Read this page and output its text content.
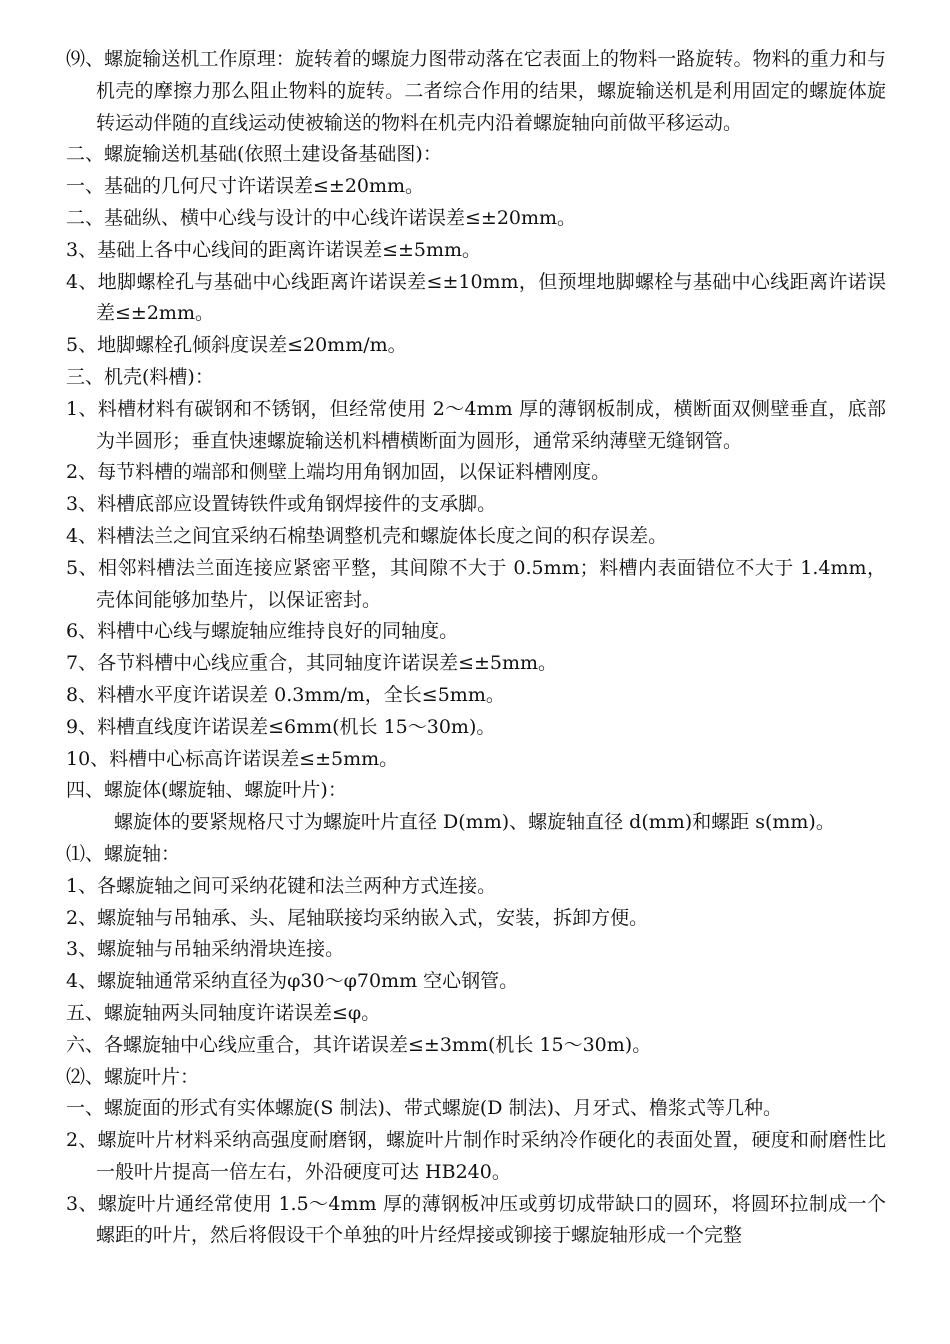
⑼、螺旋输送机工作原理：旋转着的螺旋力图带动落在它表面上的物料一路旋转。物料的重力和与机壳的摩擦力那么阻止物料的旋转。二者综合作用的结果，螺旋输送机是利用固定的螺旋体旋转运动伴随的直线运动使被输送的物料在机壳内沿着螺旋轴向前做平移运动。

二、螺旋输送机基础(依照土建设备基础图)：

一、基础的几何尺寸许诺误差≤±20mm。

二、基础纵、横中心线与设计的中心线许诺误差≤±20mm。

3、基础上各中心线间的距离许诺误差≤±5mm。

4、地脚螺栓孔与基础中心线距离许诺误差≤±10mm，但预埋地脚螺栓与基础中心线距离许诺误差≤±2mm。

5、地脚螺栓孔倾斜度误差≤20mm/m。

三、机壳(料槽)：

1、料槽材料有碳钢和不锈钢，但经常使用 2～4mm 厚的薄钢板制成，横断面双侧壁垂直，底部为半圆形；垂直快速螺旋输送机料槽横断面为圆形，通常采纳薄壁无缝钢管。

2、每节料槽的端部和侧壁上端均用角钢加固，以保证料槽刚度。

3、料槽底部应设置铸铁件或角钢焊接件的支承脚。

4、料槽法兰之间宜采纳石棉垫调整机壳和螺旋体长度之间的积存误差。

5、相邻料槽法兰面连接应紧密平整，其间隙不大于 0.5mm；料槽内表面错位不大于 1.4mm，壳体间能够加垫片，以保证密封。

6、料槽中心线与螺旋轴应维持良好的同轴度。

7、各节料槽中心线应重合，其同轴度许诺误差≤±5mm。

8、料槽水平度许诺误差 0.3mm/m，全长≤5mm。

9、料槽直线度许诺误差≤6mm(机长 15～30m)。

10、料槽中心标高许诺误差≤±5mm。

四、螺旋体(螺旋轴、螺旋叶片)：

螺旋体的要紧规格尺寸为螺旋叶片直径 D(mm)、螺旋轴直径 d(mm)和螺距 s(mm)。

⑴、螺旋轴：

1、各螺旋轴之间可采纳花键和法兰两种方式连接。

2、螺旋轴与吊轴承、头、尾轴联接均采纳嵌入式，安装，拆卸方便。

3、螺旋轴与吊轴采纳滑块连接。

4、螺旋轴通常采纳直径为φ30～φ70mm 空心钢管。

五、螺旋轴两头同轴度许诺误差≤φ。

六、各螺旋轴中心线应重合，其许诺误差≤±3mm(机长 15～30m)。

⑵、螺旋叶片：

一、螺旋面的形式有实体螺旋(S 制法)、带式螺旋(D 制法)、月牙式、橹浆式等几种。

2、螺旋叶片材料采纳高强度耐磨钢，螺旋叶片制作时采纳冷作硬化的表面处置，硬度和耐磨性比一般叶片提高一倍左右，外沿硬度可达 HB240。

3、螺旋叶片通经常使用 1.5～4mm 厚的薄钢板冲压或剪切成带缺口的圆环，将圆环拉制成一个螺距的叶片，然后将假设干个单独的叶片经焊接或铆接于螺旋轴形成一个完整
